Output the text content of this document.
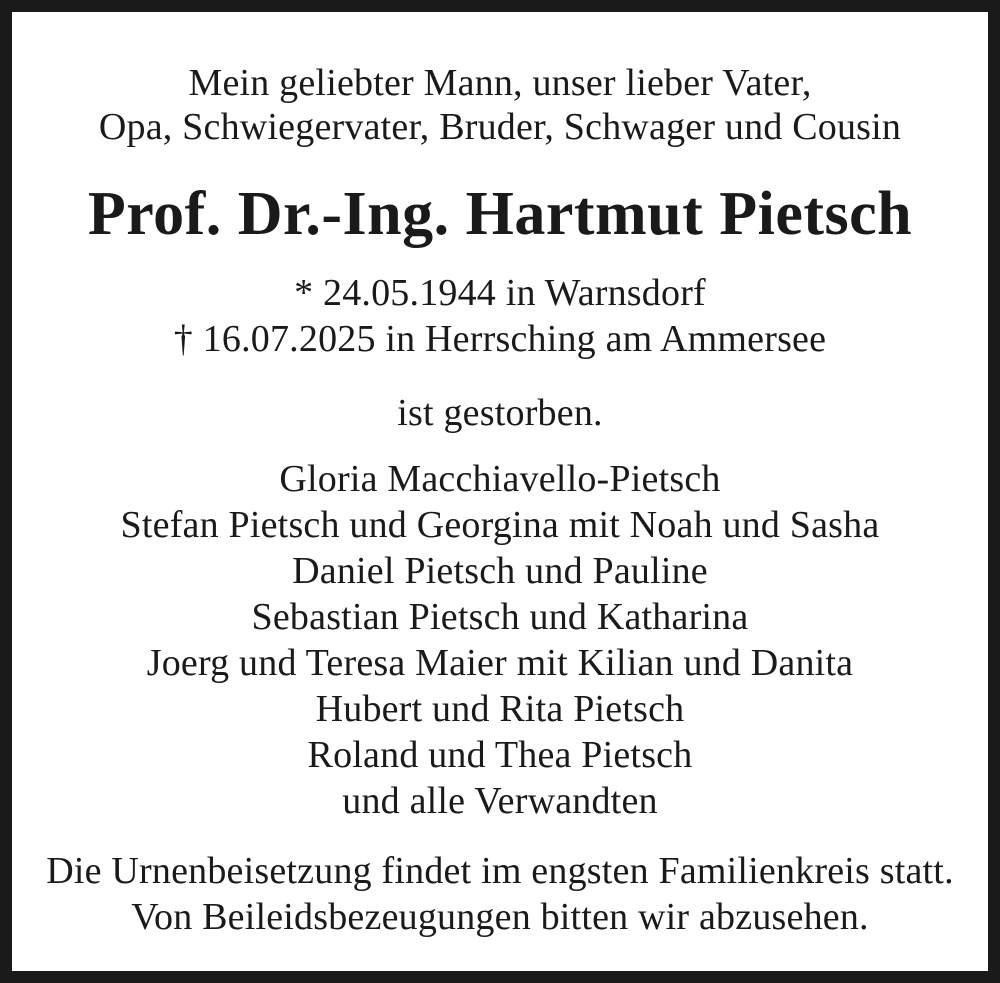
Mein geliebter Mann, unser lieber Vater,
Opa, Schwiegervater, Bruder, Schwager und Cousin
Prof. Dr.-Ing. Hartmut Pietsch
* 24.05.1944 in Warnsdorf
† 16.07.2025 in Herrsching am Ammersee
ist gestorben.
Gloria Macchiavello-Pietsch
Stefan Pietsch und Georgina mit Noah und Sasha
Daniel Pietsch und Pauline
Sebastian Pietsch und Katharina
Joerg und Teresa Maier mit Kilian und Danita
Hubert und Rita Pietsch
Roland und Thea Pietsch
und alle Verwandten
Die Urnenbeisetzung findet im engsten Familienkreis statt.
Von Beileidsbezeugungen bitten wir abzusehen.
